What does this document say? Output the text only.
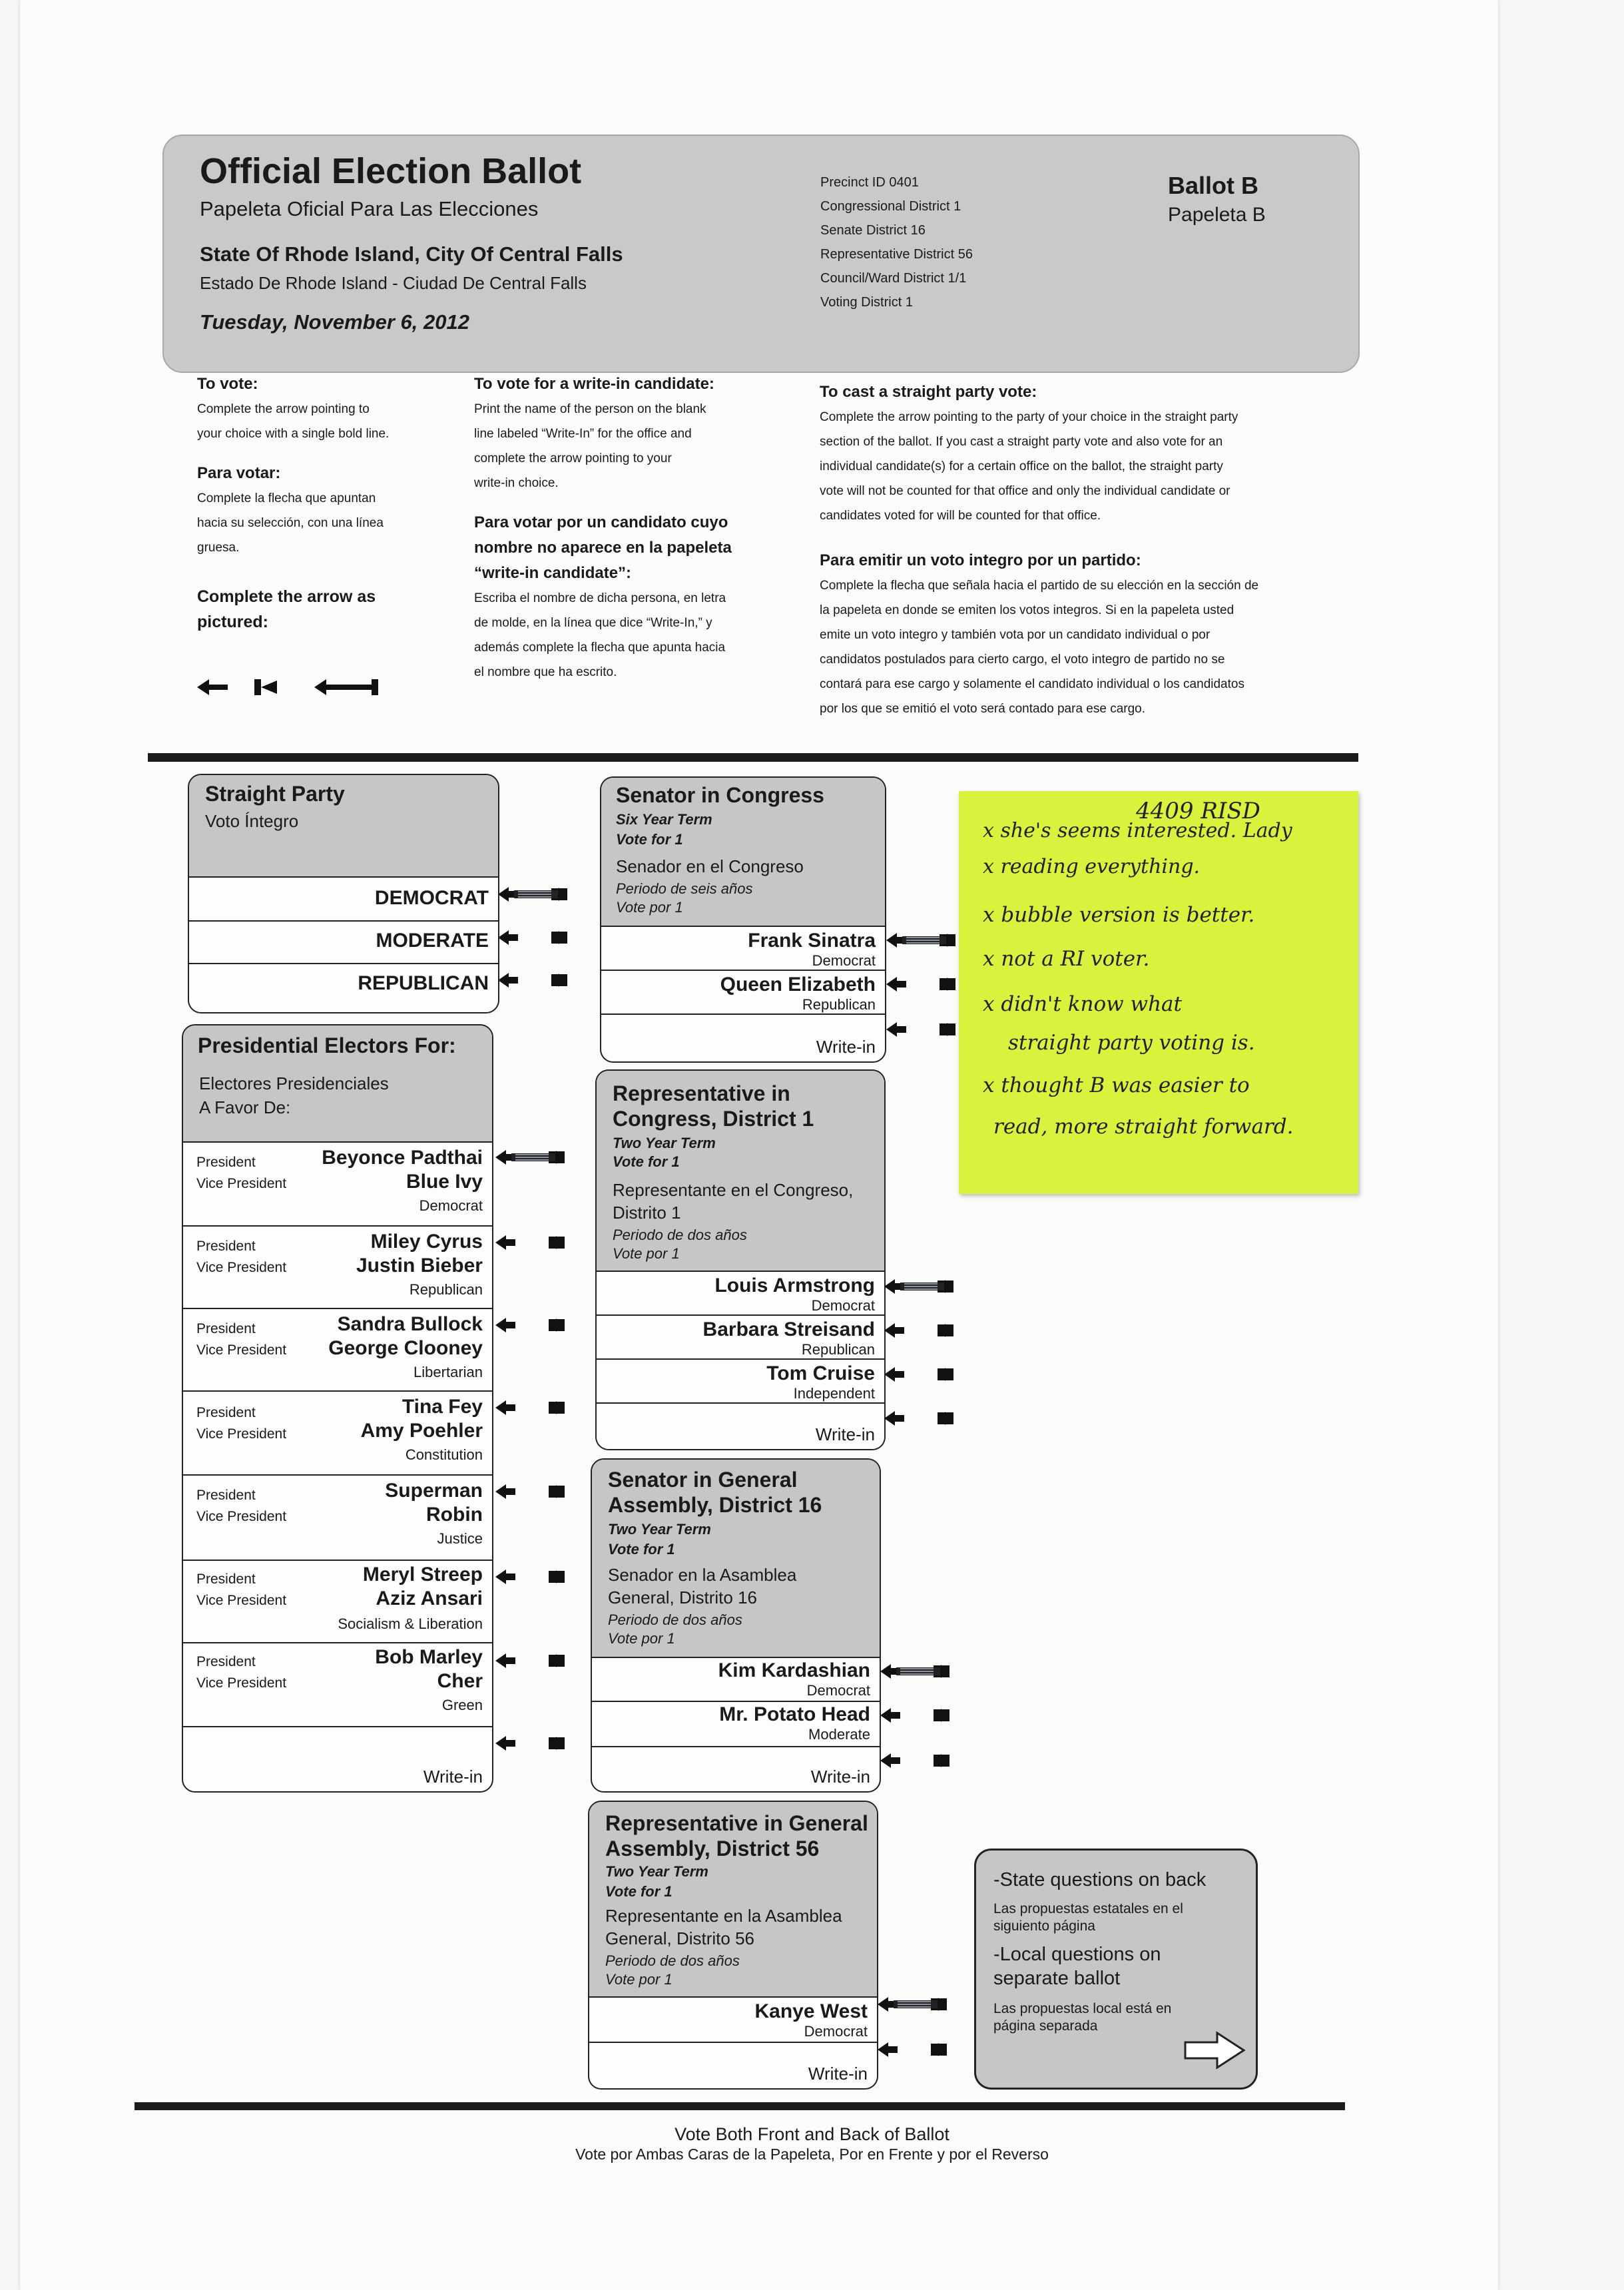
Official Election Ballot
Papeleta Oficial Para Las Elecciones
State Of Rhode Island, City Of Central Falls
Estado De Rhode Island - Ciudad De Central Falls
Tuesday, November 6, 2012
Precinct ID 0401
Congressional District 1
Senate District 16
Representative District 56
Council/Ward District 1/1
Voting District 1
Ballot B
Papeleta B
To vote:
Complete the arrow pointing to
your choice with a single bold line.
Para votar:
Complete la flecha que apuntan
hacia su selección, con una línea
gruesa.
Complete the arrow as
pictured:
To vote for a write-in candidate:
Print the name of the person on the blank
line labeled “Write-In” for the office and
complete the arrow pointing to your
write-in choice.
Para votar por un candidato cuyo
nombre no aparece en la papeleta
“write-in candidate”:
Escriba el nombre de dicha persona, en letra
de molde, en la línea que dice “Write-In,” y
además complete la flecha que apunta hacia
el nombre que ha escrito.
To cast a straight party vote:
Complete the arrow pointing to the party of your choice in the straight party
section of the ballot. If you cast a straight party vote and also vote for an
individual candidate(s) for a certain office on the ballot, the straight party
vote will not be counted for that office and only the individual candidate or
candidates voted for will be counted for that office.
Para emitir un voto integro por un partido:
Complete la flecha que señala hacia el partido de su elección en la sección de
la papeleta en donde se emiten los votos integros. Si en la papeleta usted
emite un voto integro y también vota por un candidato individual o por
candidatos postulados para cierto cargo, el voto integro de partido no se
contará para ese cargo y solamente el candidato individual o los candidatos
por los que se emitió el voto será contado para ese cargo.
Straight Party
Voto Íntegro
DEMOCRAT
MODERATE
REPUBLICAN
Presidential Electors For:
Electores Presidenciales
A Favor De:
President
Vice President
Beyonce Padthai
Blue Ivy
Democrat
President
Vice President
Miley Cyrus
Justin Bieber
Republican
President
Vice President
Sandra Bullock
George Clooney
Libertarian
President
Vice President
Tina Fey
Amy Poehler
Constitution
President
Vice President
Superman
Robin
Justice
President
Vice President
Meryl Streep
Aziz Ansari
Socialism & Liberation
President
Vice President
Bob Marley
Cher
Green
Write-in
Senator in Congress
Six Year Term
Vote for 1
Senador en el Congreso
Periodo de seis años
Vote por 1
Frank Sinatra
Democrat
Queen Elizabeth
Republican
Write-in
Representative in
Congress, District 1
Two Year Term
Vote for 1
Representante en el Congreso,
Distrito 1
Periodo de dos años
Vote por 1
Louis Armstrong
Democrat
Barbara Streisand
Republican
Tom Cruise
Independent
Write-in
Senator in General
Assembly, District 16
Two Year Term
Vote for 1
Senador en la Asamblea
General, Distrito 16
Periodo de dos años
Vote por 1
Kim Kardashian
Democrat
Mr. Potato Head
Moderate
Write-in
Representative in General
Assembly, District 56
Two Year Term
Vote for 1
Representante en la Asamblea
General, Distrito 56
Periodo de dos años
Vote por 1
Kanye West
Democrat
Write-in
4409 RISD
x she's seems interested. Lady
x reading everything.
x bubble version is better.
x not a RI voter.
x didn't know what
straight party voting is.
x thought B was easier to
read, more straight forward.
-State questions on back
Las propuestas estatales en el
siguiento página
-Local questions on
separate ballot
Las propuestas local está en
página separada
Vote Both Front and Back of Ballot
Vote por Ambas Caras de la Papeleta, Por en Frente y por el Reverso
